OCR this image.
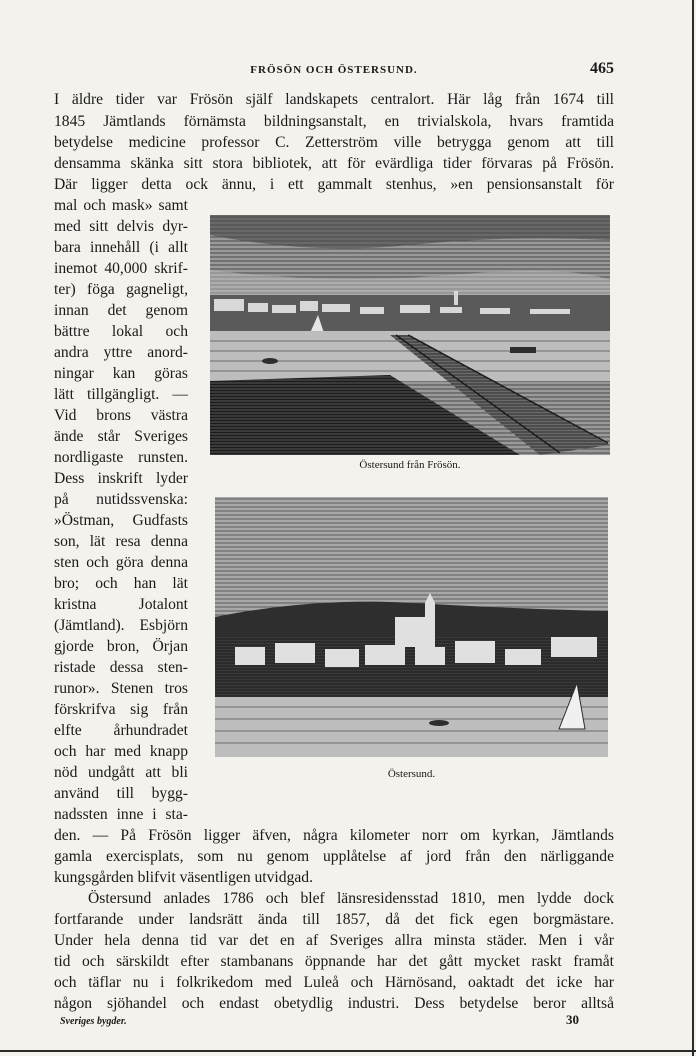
FRÖSÖN OCH ÖSTERSUND.	465
I äldre tider var Frösön själf landskapets centralort. Här låg från 1674 till
1845 Jämtlands förnämsta bildningsanstalt, en trivialskola, hvars framtida
betydelse medicine professor C. Zetterström ville betrygga genom att till
densamma skänka sitt stora bibliotek, att för evärdliga tider förvaras på Frösön.
Där ligger detta ock ännu, i ett gammalt stenhus, »en pensionsanstalt för
mal och mask» samt
med sitt delvis dyr-
bara innehåll (i allt
inemot 40,000 skrif-
ter) föga gagneligt,
innan det genom
bättre lokal och
andra yttre anord-
ningar kan göras
lätt tillgängligt. —
Vid brons västra
ände står Sveriges
nordligaste runsten.
Dess inskrift lyder
på nutidssvenska:
»Östman, Gudfasts
son, lät resa denna
sten och göra denna
bro; och han lät
kristna Jotalont
(Jämtland). Esbjörn
gjorde bron, Örjan
ristade dessa sten-
runor». Stenen tros
förskrifva sig från
elfte århundradet
och har med knapp
nöd undgått att bli
använd till bygg-
nadssten inne i sta-
Östersund från Frösön.
Östersund.
den. — På Frösön ligger äfven, några kilometer norr om kyrkan, Jämtlands
gamla exercisplats, som nu genom upplåtelse af jord från den närliggande
kungsgården blifvit väsentligen utvidgad.
Östersund anlades 1786 och blef länsresidensstad 1810, men lydde dock
fortfarande under landsrätt ända till 1857, då det fick egen borgmästare.
Under hela denna tid var det en af Sveriges allra minsta städer. Men i vår
tid och särskildt efter stambanans öppnande har det gått mycket raskt framåt
och täflar nu i folkrikedom med Luleå och Härnösand, oaktadt det icke har
någon sjöhandel och endast obetydlig industri. Dess betydelse beror alltså
Sveriges bygder.	30
